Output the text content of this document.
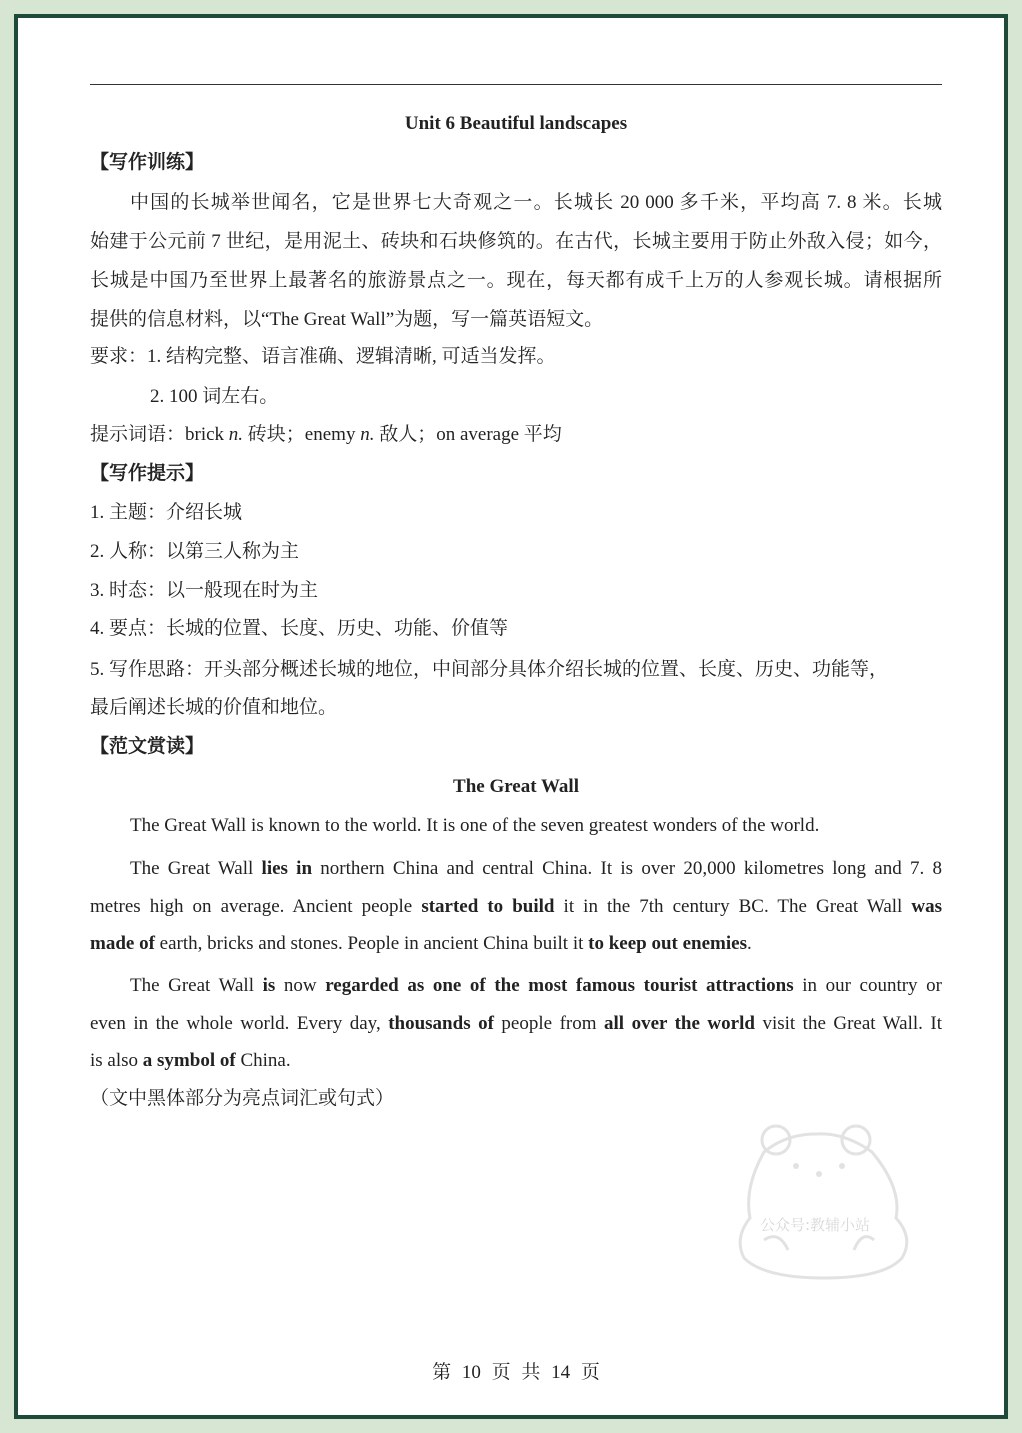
Unit 6 Beautiful landscapes
【写作训练】
中国的长城举世闻名，它是世界七大奇观之一。长城长 20 000 多千米，平均高 7. 8 米。长城
始建于公元前 7 世纪，是用泥土、砖块和石块修筑的。在古代，长城主要用于防止外敌入侵；如今，
长城是中国乃至世界上最著名的旅游景点之一。现在，每天都有成千上万的人参观长城。请根据所
提供的信息材料，以“The Great Wall”为题，写一篇英语短文。
要求：1. 结构完整、语言准确、逻辑清晰, 可适当发挥。
2. 100 词左右。
提示词语：brick n. 砖块；enemy n. 敌人；on average 平均
【写作提示】
1. 主题：介绍长城
2. 人称：以第三人称为主
3. 时态：以一般现在时为主
4. 要点：长城的位置、长度、历史、功能、价值等
5. 写作思路：开头部分概述长城的地位，中间部分具体介绍长城的位置、长度、历史、功能等，
最后阐述长城的价值和地位。
【范文赏读】
The Great Wall
The Great Wall is known to the world. It is one of the seven greatest wonders of the world.
The Great Wall lies in northern China and central China. It is over 20,000 kilometres long and 7. 8
metres high on average. Ancient people started to build it in the 7th century BC. The Great Wall was
made of earth, bricks and stones. People in ancient China built it to keep out enemies.
The Great Wall is now regarded as one of the most famous tourist attractions in our country or
even in the whole world. Every day, thousands of people from all over the world visit the Great Wall. It
is also a symbol of China.
（文中黑体部分为亮点词汇或句式）
第 10 页 共 14 页
公众号:教辅小站
